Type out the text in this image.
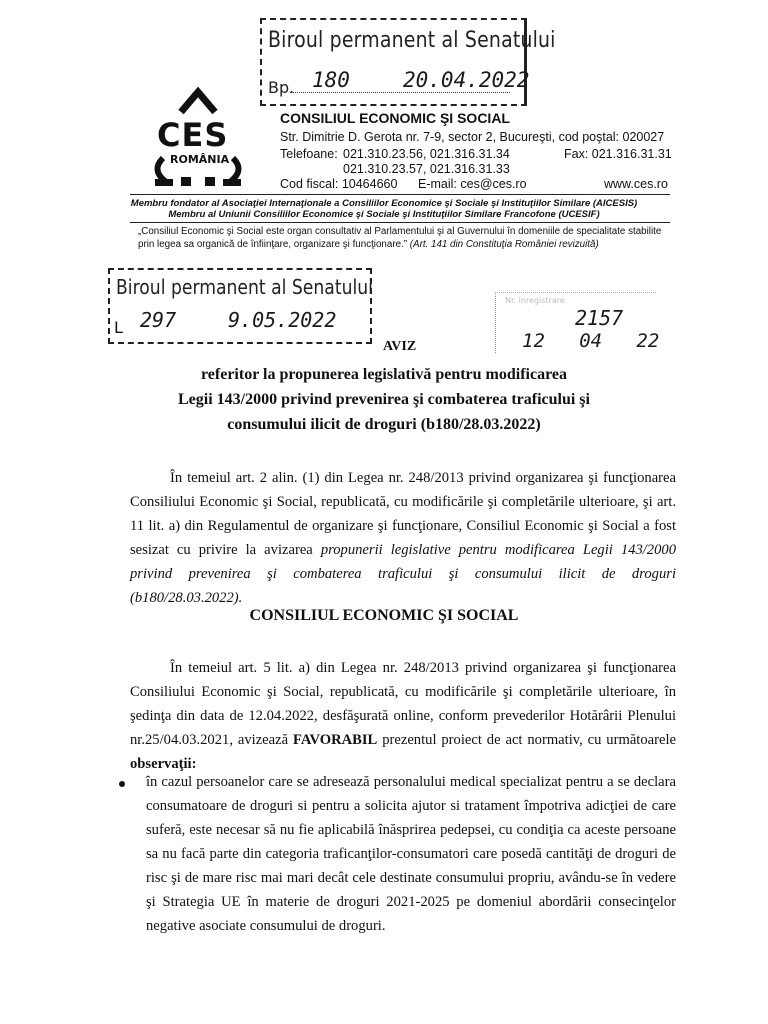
Biroul permanent al Senatului
Bp. 180	20.04.2022
CES
ROMÂNIA
CONSILIUL ECONOMIC ŞI SOCIAL
Str. Dimitrie D. Gerota nr. 7-9, sector 2, Bucureşti, cod poştal: 020027
Telefoane: 021.310.23.56, 021.316.31.34	Fax: 021.316.31.31
021.310.23.57, 021.316.31.33
Cod fiscal: 10464660 E-mail: ces@ces.ro	www.ces.ro
Membru fondator al Asociaţiei Internaţionale a Consiliilor Economice şi Sociale şi Instituţiilor Similare (AICESIS)
Membru al Uniunii Consiliilor Economice şi Sociale şi Instituţiilor Similare Francofone (UCESIF)
„Consiliul Economic şi Social este organ consultativ al Parlamentului şi al Guvernului în domeniile de specialitate stabilite prin legea sa organică de înfiinţare, organizare şi funcţionare.” (Art. 141 din Constituţia României revizuită)
Biroul permanent al Senatului
L 297	9.05.2022
Nr. înregistrare
2157
12   04   22
AVIZ
referitor la propunerea legislativă pentru modificarea
Legii 143/2000 privind prevenirea şi combaterea traficului şi
consumului ilicit de droguri (b180/28.03.2022)
În temeiul art. 2 alin. (1) din Legea nr. 248/2013 privind organizarea şi funcţionarea Consiliului Economic şi Social, republicată, cu modificările şi completările ulterioare, şi art. 11 lit. a) din Regulamentul de organizare şi funcţionare, Consiliul Economic şi Social a fost sesizat cu privire la avizarea propunerii legislative pentru modificarea Legii 143/2000 privind prevenirea şi combaterea traficului şi consumului ilicit de droguri (b180/28.03.2022).
CONSILIUL ECONOMIC ŞI SOCIAL
În temeiul art. 5 lit. a) din Legea nr. 248/2013 privind organizarea şi funcţionarea Consiliului Economic şi Social, republicată, cu modificările şi completările ulterioare, în şedinţa din data de 12.04.2022, desfăşurată online, conform prevederilor Hotărârii Plenului nr.25/04.03.2021, avizează FAVORABIL prezentul proiect de act normativ, cu următoarele observaţii:
în cazul persoanelor care se adresează personalului medical specializat pentru a se declara consumatoare de droguri si pentru a solicita ajutor si tratament împotriva adicţiei de care suferă, este necesar să nu fie aplicabilă înăsprirea pedepsei, cu condiţia ca aceste persoane sa nu facă parte din categoria traficanţilor-consumatori care posedă cantităţi de droguri de risc şi de mare risc mai mari decât cele destinate consumului propriu, avându-se în vedere şi Strategia UE în materie de droguri 2021-2025 pe domeniul abordării consecinţelor negative asociate consumului de droguri.
